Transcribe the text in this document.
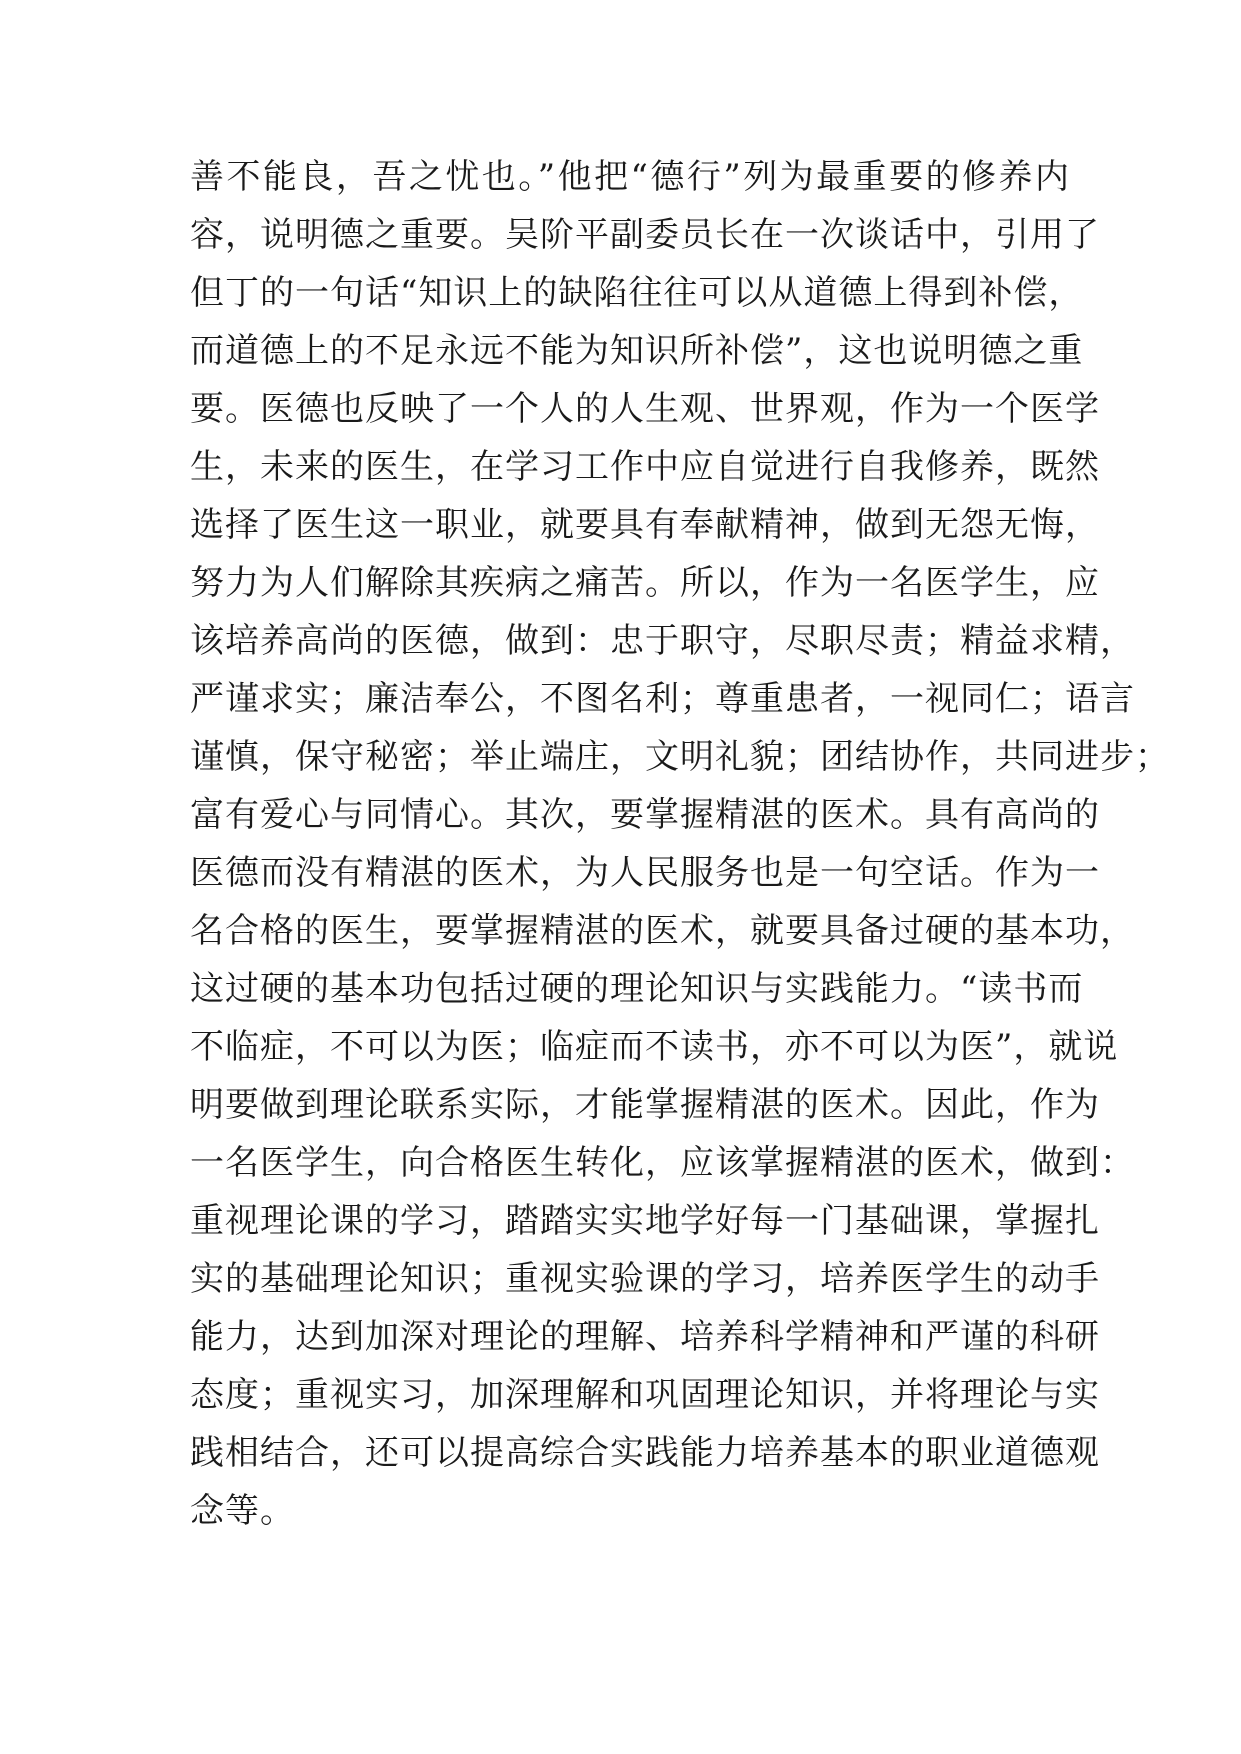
善不能良，吾之忧也。”他把“德行”列为最重要的修养内
容，说明德之重要。吴阶平副委员长在一次谈话中，引用了
但丁的一句话“知识上的缺陷往往可以从道德上得到补偿，
而道德上的不足永远不能为知识所补偿”，这也说明德之重
要。医德也反映了一个人的人生观、世界观，作为一个医学
生，未来的医生，在学习工作中应自觉进行自我修养，既然
选择了医生这一职业，就要具有奉献精神，做到无怨无悔，
努力为人们解除其疾病之痛苦。所以，作为一名医学生，应
该培养高尚的医德，做到：忠于职守，尽职尽责；精益求精，
严谨求实；廉洁奉公，不图名利；尊重患者，一视同仁；语言
谨慎，保守秘密；举止端庄，文明礼貌；团结协作，共同进步；
富有爱心与同情心。其次，要掌握精湛的医术。具有高尚的
医德而没有精湛的医术，为人民服务也是一句空话。作为一
名合格的医生，要掌握精湛的医术，就要具备过硬的基本功，
这过硬的基本功包括过硬的理论知识与实践能力。“读书而
不临症，不可以为医；临症而不读书，亦不可以为医”，就说
明要做到理论联系实际，才能掌握精湛的医术。因此，作为
一名医学生，向合格医生转化，应该掌握精湛的医术，做到：
重视理论课的学习，踏踏实实地学好每一门基础课，掌握扎
实的基础理论知识；重视实验课的学习，培养医学生的动手
能力，达到加深对理论的理解、培养科学精神和严谨的科研
态度；重视实习，加深理解和巩固理论知识，并将理论与实
践相结合，还可以提高综合实践能力培养基本的职业道德观
念等。
